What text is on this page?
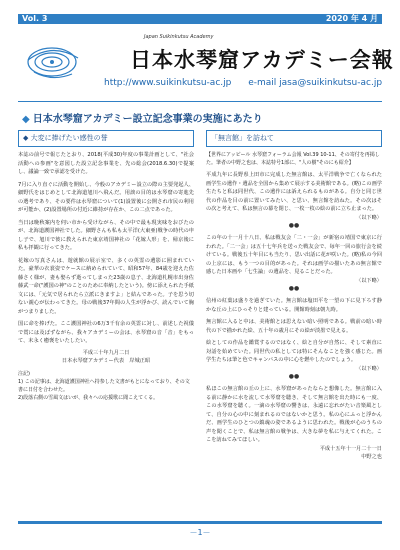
Vol. 3	2020 年 4 月
Japan Suikinkutsu Academy
日本水琴窟アカデミー会報
http://www.suikinkutsu-ac.jp e-mail jasa@suikinkutsu-ac.jp
◆ 日本水琴窟アカデミー設立記念事業の実施にあたり
◆ 大変に捧げたい感性の誉
本誌の前号で報じたとおり、2018(平成30)年度の事業計画として、"社会活動への参画"を意図した設立記念事業を、先の総会(2018.6.30)で提案し、議論一致で承認を受けた。
7月に入り直ぐに活動を開始し、今般のアカデミー設立の際の主要発起人、細野氏をはじめとして北海道旭川へ飛んだ。用談の目的は水琴窟の寄進先の選考であり、その要件は水琴窟について(1)設置後に公開され市民の利用が可能か、(2)設置場所の付近に維持が存在か、この二点であった。
当日は晩秋案内を伺い市から受けながら、その中で最も現実味をおびたのが、北海道護国神社でした。細野さんも私も太平洋(大東亜)戦争の時代の申し子で、旭川で彼に教えられた東京靖国神社の「花嫁人形」を、帰京後に私も拝観に行ってきた。
花嫁の写真さんは、遊就館の展示室で、多くの英霊の遺影に囲まれていた。豪華の衣裳姿でケースに納められていて、昭和57年、84歳を迎えた佐藤さく様が、妻も娶らず逝ってしまった23歳の息子、北海道札幌市出身佐藤武一命("護国の神"のことのために奉納したという)。傍に添えられた手紙文には、「元気で居られたら立派にきますよ」と結んであった。子を思う切ない親心が伝わってきた。母の戦後37年間の人生が浮かび、読んでいて胸がつまりました。
国に命を捧げた。ここ護国神社の6万3千有余の英霊に対し、前述した祝儀で賞には及ばずながら、我々アカデミーの会は、水琴窟の音「音」をもって、末永く癒褒をいたしたい。
平成三十年九月二日
日本水琴窟アカデミー代表　岸城正昭
注記)
1) この記事は、北海道護国神社へ持参した文書がもとになっており、その文書に日付を合わせた。
2)段落右側の雪風文はいが、我々への応援歌に聞こえてくる。
「無言館」を訪ねて
【世界にアッピール 水琴窟フォーラム会報 Vol.39 10-11、その寄付を再掲した。筆者の中野之也は、本誌特号1部に、"人の樹"そのにも紹介】
平成九年に長野県上田市に完成した無言館は、太平洋戦争で亡くなられた画学生の遺作・遺品を全国から集めて展示する美術館である。(略)この画学生たちと私は同世代、この遺作には訴えられるものがある。自分と同じ世代の作品を目の前に置いてみたい、と思い、無言館を訪ねた。その次はその次と考えて、私は無言の幕を閉じ、一枚一枚の絵の前に立ち止まった。
〈以下略〉
●●
この年の十一月十八日、私は戦友会「二・一会」が新宿の靖国で東京に行われた。「二一会」は五十七年兵を送った戦友会で、毎年一回の旅行会を続けている。戦後五十年目にも当たり、思い出話に花が咲いた。(略)私の今回の上京には、もう一つの目的があった。それは画学の描いたあの無言館で感した日本画や「七生論」の遺品を、見ることだった。
〈以下略〉
●●
信州の紅葉は盛りを過ぎていた。無言館は塩田平を一望の下に見下ろす静かな丘の上にひっそりと建っている。開館時刻は朝九時。
無言館に入ると中は、美術館とは思えない暗い照明である。戦前の暗い時代の下で描かれた絵、五十年の歳月にその絵が淡墨で見える。
絵としての作品を鑑賞するのではなく、絵と自分が自然に、そして素直に対話を始めていた。同世代の私としては特にそんなことを強く感じた。画学生たちは筆と色でキャンバスの中に心を燃やしたのでしょう。
〈以下略〉
●●
私ほこの無言館の丘の上に、水琴窟があったならと想像した。無言館に入る前に静かに水を流して水琴窟を聴き、そして無言館を出た時にも一度、この水琴窟を聴く。一滴の水琴窟の響きは、永遠に忘れがたい音楽風として、自分の心の中に刻まれるのではないかと思う。私の心にふっと浮かんだ、画学生のひとつの鎮魂の姿であるように思われた。戦後が心のうちの声を聞くことで、私は無言館の戦争は、大きな夢を私に与えてくれた。ここを訪ねてみてほしい。
平成十五年十一月二十一日
中野之也
－1－
